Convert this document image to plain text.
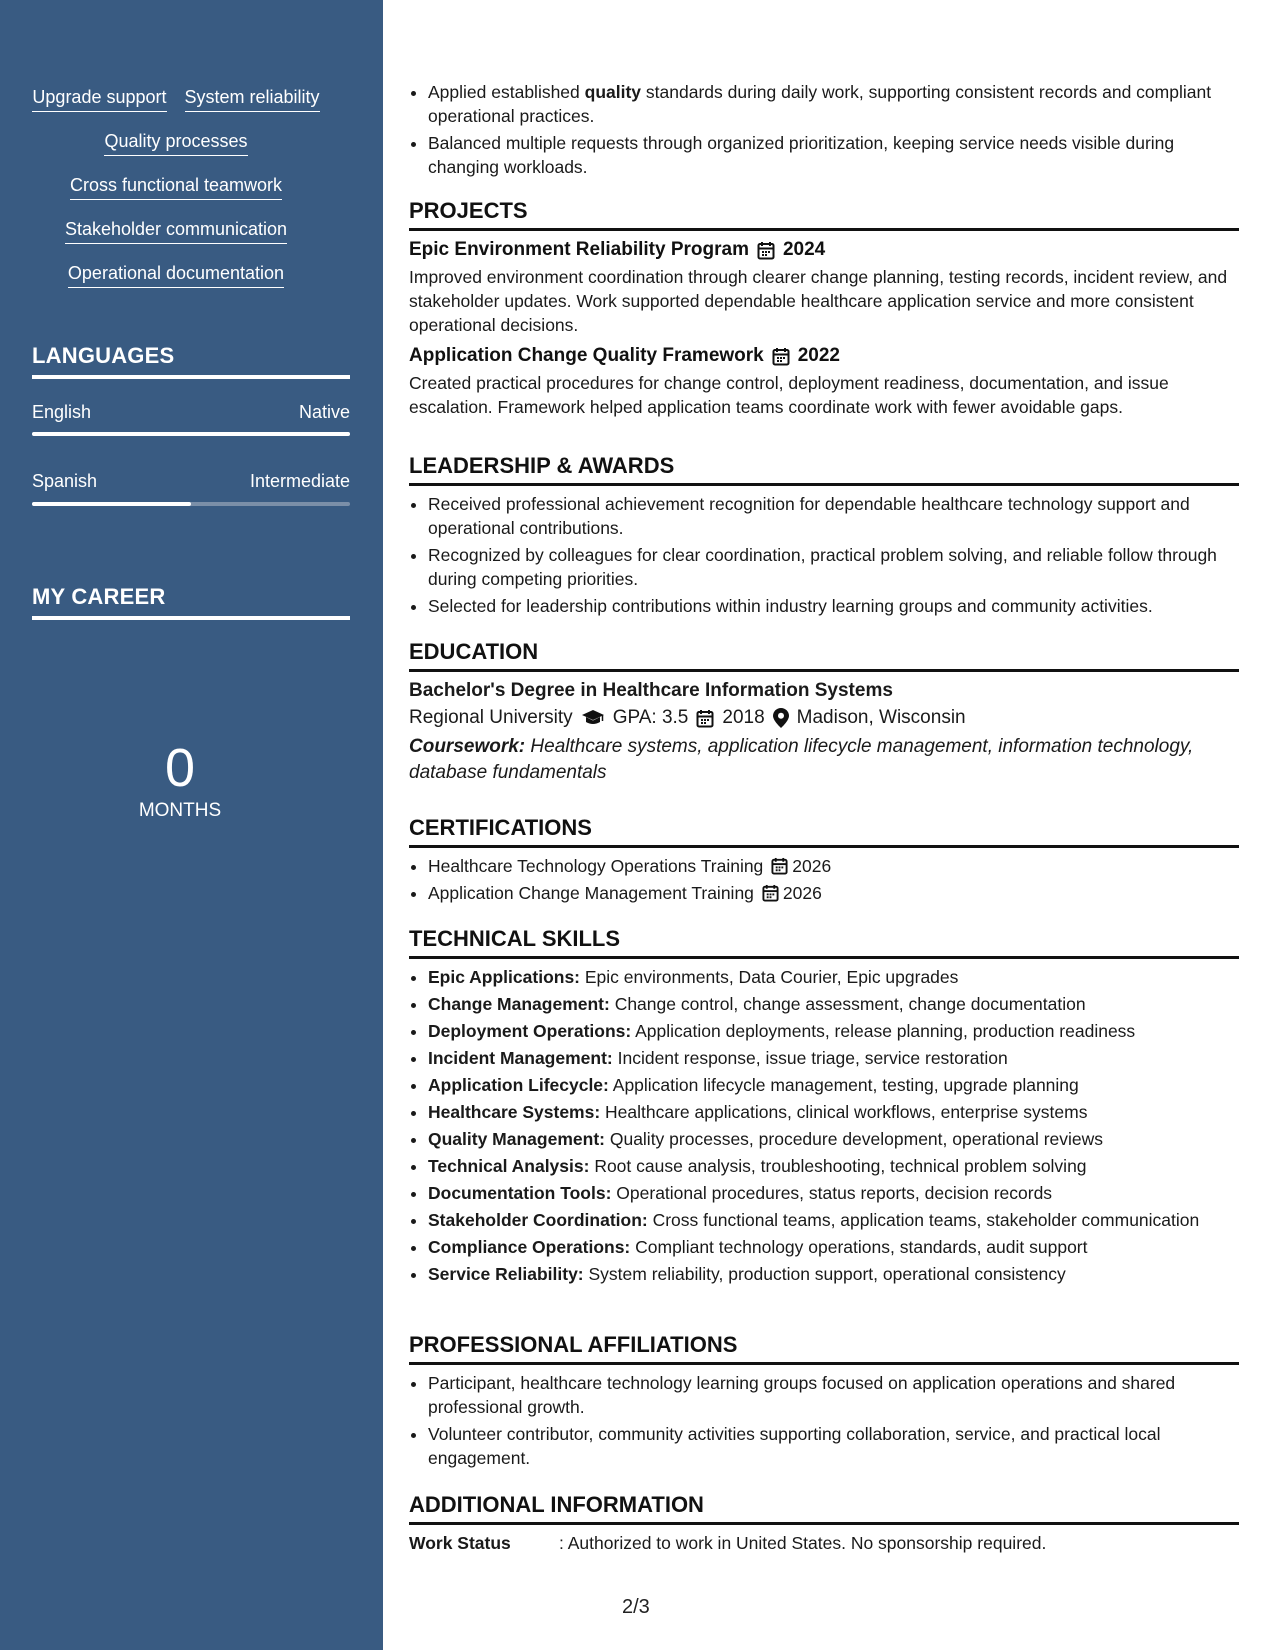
Upgrade support System reliability
Quality processes
Cross functional teamwork
Stakeholder communication
Operational documentation
LANGUAGES
English	Native
Spanish	Intermediate
MY CAREER
0
MONTHS
• Applied established quality standards during daily work, supporting consistent records and compliant operational practices.
• Balanced multiple requests through organized prioritization, keeping service needs visible during changing workloads.
PROJECTS
Epic Environment Reliability Program 2024
Improved environment coordination through clearer change planning, testing records, incident review, and stakeholder updates. Work supported dependable healthcare application service and more consistent operational decisions.
Application Change Quality Framework 2022
Created practical procedures for change control, deployment readiness, documentation, and issue escalation. Framework helped application teams coordinate work with fewer avoidable gaps.
LEADERSHIP & AWARDS
• Received professional achievement recognition for dependable healthcare technology support and operational contributions.
• Recognized by colleagues for clear coordination, practical problem solving, and reliable follow through during competing priorities.
• Selected for leadership contributions within industry learning groups and community activities.
EDUCATION
Bachelor's Degree in Healthcare Information Systems
Regional University GPA: 3.5 2018 Madison, Wisconsin
Coursework: Healthcare systems, application lifecycle management, information technology, database fundamentals
CERTIFICATIONS
• Healthcare Technology Operations Training 2026
• Application Change Management Training 2026
TECHNICAL SKILLS
• Epic Applications: Epic environments, Data Courier, Epic upgrades
• Change Management: Change control, change assessment, change documentation
• Deployment Operations: Application deployments, release planning, production readiness
• Incident Management: Incident response, issue triage, service restoration
• Application Lifecycle: Application lifecycle management, testing, upgrade planning
• Healthcare Systems: Healthcare applications, clinical workflows, enterprise systems
• Quality Management: Quality processes, procedure development, operational reviews
• Technical Analysis: Root cause analysis, troubleshooting, technical problem solving
• Documentation Tools: Operational procedures, status reports, decision records
• Stakeholder Coordination: Cross functional teams, application teams, stakeholder communication
• Compliance Operations: Compliant technology operations, standards, audit support
• Service Reliability: System reliability, production support, operational consistency
PROFESSIONAL AFFILIATIONS
• Participant, healthcare technology learning groups focused on application operations and shared professional growth.
• Volunteer contributor, community activities supporting collaboration, service, and practical local engagement.
ADDITIONAL INFORMATION
Work Status	: Authorized to work in United States. No sponsorship required.
2/3
